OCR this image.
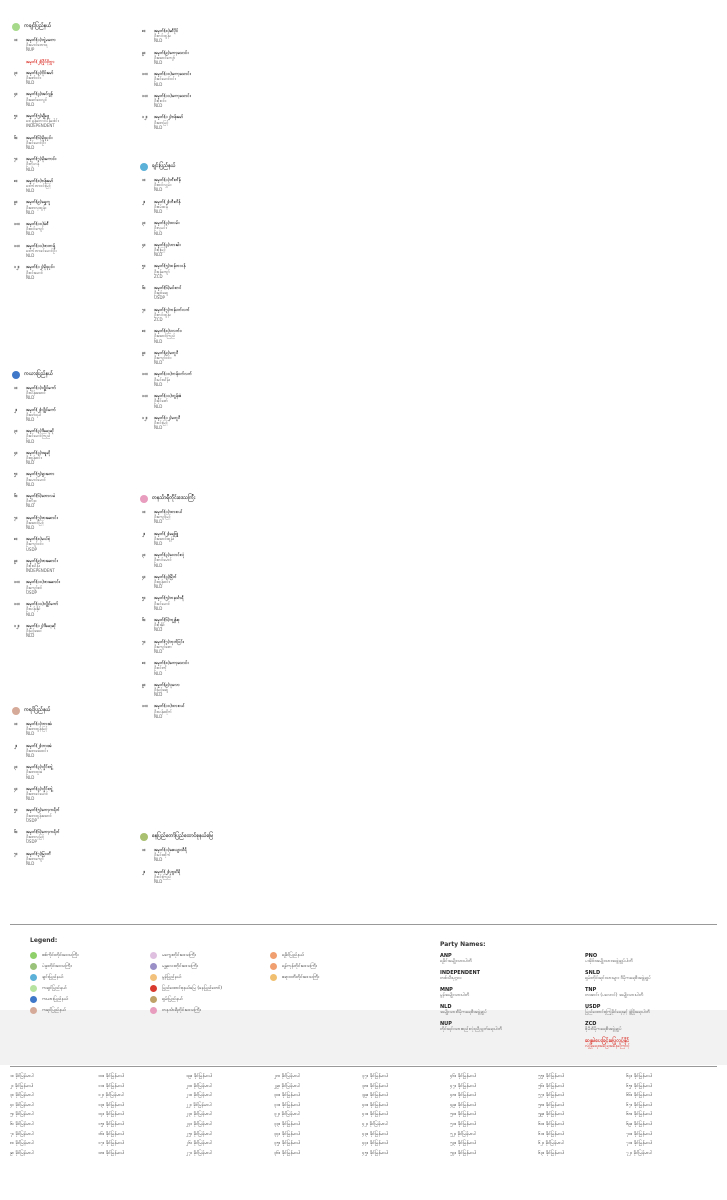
ကချင်ပြည်နယ်
၁။ အမှတ်(၁)တွဲမတော
ဦးမောင်တောရ
NUP
အမှတ်(၂)ပြိုင်ဖိုက္ကာ
၃။ အမှတ်(၃)ဝိုင်းမော်
ဦးဇော်ဝင်း
NLD
၄။ အမှတ်(၄)အင်ဂျန်
ဦးဆော်ဝေလွင်
NLD
၅။ အမှတ်(၅)ချီဖွေ
ဒေါ်ခွန်တောင်ပိန်ဒေါင်း
INDEPENDENT
၆။ အမှတ်(၆)မိုးညှင်း
ဦးခင်မောင်ဦး
NLD
၇။ အမှတ်(၇)မိုးကောင်း
ဦးဘိုဟန်
NLD
၈။ အမှတ်(၈)ဗန်းမော်
ဒေါက်တာဝင်းမြင့်
NLD
၉။ အမှတ်(၉)ရွှေကူ
ဦးစောလှထွန်း
NLD
၁၀။ အမှတ်(၁၀)မံစီ
ဦးထင်ကျော်
NLD
၁၁။ အမှတ်(၁၁)ဖားကန့်
ဒေါက်တာခင်မောင်ဦး
NLD
၁၂။ အမှတ်(၁၂)မိုးညှင်း
ဦးဝင်းမောင်
NLD
ကယားပြည်နယ်
၁။ အမှတ်(၁)လွိုင်ကော်
ဦးသိန်းအောင်
NLD
၂။ အမှတ်(၂)လွိုင်ကော်
ဦးဖော်ရယ်
NLD
၃။ အမှတ်(၃)ဒီမော့ဆို
ဦးခင်မောင်ကြည်
NLD
၄။ အမှတ်(၄)ဖရူဆို
ဦးထွန်းဝင်း
NLD
၅။ အမှတ်(၅)ရှားတော
ဦးမောင်မောင်
NLD
၆။ အမှတ်(၆)ဘောလခဲ
ဦးဘီဒူး
NLD
၇။ အမှတ်(၇)ဖားဆောင်း
ဦးအောင်မြင့်
NLD
၈။ အမှတ်(၈)မယ်စဲ့
ဦးကျော်ဝင်း
USDP
၉။ အမှတ်(၉)ဖားဆောင်း
ဦးစိုးသိန်း
INDEPENDENT
၁၀။ အမှတ်(၁၀)ဖားဆောင်း
ဦးကျော်ဇင်
USDP
၁၁။ အမှတ်(၁၁)လွိုင်ကော်
ဦးသန်းနိုင်
NLD
၁၂။ အမှတ်(၁၂)ဒီမော့ဆို
ဦးမြင့်အေး
NLD
ကရင်ပြည်နယ်
၁။ အမှတ်(၁)ဘားအံ
ဦးစောထွန်းမြင့်
NLD
၂။ အမှတ်(၂)ဘားအံ
ဦးစောအေးဝင်း
NLD
၃။ အမှတ်(၃)လှိုင်းဘွဲ့
ဦးစောထူးခဲ
NLD
၄။ အမှတ်(၄)လှိုင်းဘွဲ့
ဦးစောခင်မောင်
NLD
၅။ အမှတ်(၅)ကော့ကရိတ်
ဦးစောထွန်းအောင်
USDP
၆။ အမှတ်(၆)ကော့ကရိတ်
ဦးစောလှမြင့်
USDP
၇။ အမှတ်(၇)မြဝတီ
ဦးစောကျော်
NLD
၈။ အမှတ်(၈)ဆီပိုင်
ဦးတင်ထွန်း
NLD
၉။ အမှတ်(၉)ကော့သောင်း
ဦးအောင်ကျော်
NLD
၁၀။ အမှတ်(၁၀)ကော့သောင်း
ဦးခင်မောင်ဝင်း
NLD
၁၁။ အမှတ်(၁၁)ကော့သောင်း
ဦးစိုးဝင်း
NLD
၁၂။ အမှတ်(၁၂)ဗန်းမော်
ဦးစောမြင့်
NLD
ချင်းပြည်နယ်
၁။ အမှတ်(၁)တီးတိန်
ဦးထင်လျှမ်း
NLD
၂။ အမှတ်(၂)တီးတိန်
ဦးဇမ်ထန်
NLD
၃။ အမှတ်(၃)ဖလမ်း
ဦးလှမင်း
NLD
၄။ အမှတ်(၄)ဟားခါး
ဦးစိုးမြင့်
NLD
၅။ အမှတ်(၅)ထန်တလန်
ဦးဖုန်ကျော်
ZCD
၆။ အမှတ်(၆)မင်းတပ်
ဦးချစ်ဆွေ
USDP
၇။ အမှတ်(၇)ကန်ပက်လက်
ဦးတင်ထွန်း
ZCD
၈။ အမှတ်(၈)ပလက်ဝ
ဦးအောင်ကြည်
NLD
၉။ အမှတ်(၉)မတူပီ
ဦးကျော်ဝင်း
NLD
၁၀။ အမှတ်(၁၀)ကန်ပက်လက်
ဦးမင်းသိန်း
NLD
၁၁။ အမှတ်(၁၁)တွန်းဇံ
ဦးခိုင်ဇော်
NLD
၁၂။ အမှတ်(၁၂)မတူပီ
ဦးဝင်းမြင့်
NLD
တနင်္သာရီတိုင်းဒေသကြီး
၁။ အမှတ်(၁)ထားဝယ်
ဦးကျော်မြင့်
NLD
၂။ အမှတ်(၂)ရေဖြူ
ဦးအောင်ထွန်း
NLD
၃။ အမှတ်(၃)လောင်းလုံ
ဦးတင်မောင်
NLD
၄။ အမှတ်(၄)မြိတ်
ဦးထွန်းဝင်း
NLD
၅။ အမှတ်(၅)တနင်္သာရီ
ဦးခင်မောင်
NLD
၆။ အမှတ်(၆)ကျွန်းစု
ဦးစိုးနိုင်
NLD
၇။ အမှတ်(၇)ဘုတ်ပြင်း
ဦးကျော်ဇော
NLD
၈။ အမှတ်(၈)ကော့သောင်း
ဦးဝင်းကို
NLD
၉။ အမှတ်(၉)ပုလော
ဦးမြင့်ဆွေ
NLD
၁၀။ အမှတ်(၁၀)ထားဝယ်
ဦးသန်းထိုက်
NLD
နေပြည်တော်ပြည်ထောင်စုနယ်မြေ
၁။ အမှတ်(၁)ဇေယျာသီရိ
ဦးမင်းထိုက်
NLD
၂။ အမှတ်(၂)ပုဗ္ဗသီရိ
ဦးဝင်းကြည်
NLD
Legend:
စစ်ကိုင်းတိုင်းဒေသကြီး
ပဲခူးတိုင်းဒေသကြီး
ချင်းပြည်နယ်
ကချင်ပြည်နယ်
ကယားပြည်နယ်
ကရင်ပြည်နယ်
မကွေးတိုင်းဒေသကြီး
မန္တလေးတိုင်းဒေသကြီး
မွန်ပြည်နယ်
ပြည်ထောင်စုနယ်မြေ (နေပြည်တော်)
ရှမ်းပြည်နယ်
တနင်္သာရီတိုင်းဒေသကြီး
ရခိုင်ပြည်နယ်
ရန်ကုန်တိုင်းဒေသကြီး
ဧရာဝတီတိုင်းဒေသကြီး
Party Names:
ANP
ရခိုင်အမျိုးသားပါတီ
INDEPENDENT
တစ်သီးပုဂ္ဂလ
MNP
မွန်အမျိုးသားပါတီ
NLD
အမျိုးသားဒီမိုကရေစီအဖွဲ့ချုပ်
NUP
တိုင်းရင်းသားစည်းလုံးညီညွတ်ရေးပါတီ
PNO
ပအိုဝ်းအမျိုးသားအဖွဲ့ချုပ်ပါတီ
SNLD
ရှမ်းတိုင်းရင်းသားများ ဒီမိုကရေစီအဖွဲ့ချုပ်
TNP
တအာင်း (ပလောင်) အမျိုးသားပါတီ
USDP
ပြည်ထောင်စုကြံ့ခိုင်ရေးနှင့် ဖွံ့ဖြိုးရေးပါတီ
ZCD
ဇိုမီးဒီမိုကရေစီအဖွဲ့ချုပ်
ဆန္ဒမဲပေးခြင်းမပြုလုပ်နိုင်
လုံခြုံရေးအခြေအနေကြောင့်
၁။ ခိုင်မြန်မာပါ
၂။ ခိုင်မြန်မာပါ
၃။ ခိုင်မြန်မာပါ
၄။ ခိုင်မြန်မာပါ
၅။ ခိုင်မြန်မာပါ
၆။ ခိုင်မြန်မာပါ
၇။ ခိုင်မြန်မာပါ
၈။ ခိုင်မြန်မာပါ
၉။ ခိုင်မြန်မာပါ
၁၀။ ခိုင်မြန်မာပါ
၁၁။ ခိုင်မြန်မာပါ
၁၂။ ခိုင်မြန်မာပါ
၁၃။ ခိုင်မြန်မာပါ
၁၄။ ခိုင်မြန်မာပါ
၁၅။ ခိုင်မြန်မာပါ
၁၆။ ခိုင်မြန်မာပါ
၁၇။ ခိုင်မြန်မာပါ
၁၈။ ခိုင်မြန်မာပါ
၁၉။ ခိုင်မြန်မာပါ
၂၀။ ခိုင်မြန်မာပါ
၂၁။ ခိုင်မြန်မာပါ
၂၂။ ခိုင်မြန်မာပါ
၂၃။ ခိုင်မြန်မာပါ
၂၄။ ခိုင်မြန်မာပါ
၂၅။ ခိုင်မြန်မာပါ
၂၆။ ခိုင်မြန်မာပါ
၂၇။ ခိုင်မြန်မာပါ
၂၈။ ခိုင်မြန်မာပါ
၂၉။ ခိုင်မြန်မာပါ
၃၀။ ခိုင်မြန်မာပါ
၃၁။ ခိုင်မြန်မာပါ
၃၂။ ခိုင်မြန်မာပါ
၃၃။ ခိုင်မြန်မာပါ
၃၄။ ခိုင်မြန်မာပါ
၃၅။ ခိုင်မြန်မာပါ
၃၆။ ခိုင်မြန်မာပါ
၃၇။ ခိုင်မြန်မာပါ
၃၈။ ခိုင်မြန်မာပါ
၃၉။ ခိုင်မြန်မာပါ
၄၀။ ခိုင်မြန်မာပါ
၄၁။ ခိုင်မြန်မာပါ
၄၂။ ခိုင်မြန်မာပါ
၄၃။ ခိုင်မြန်မာပါ
၄၄။ ခိုင်မြန်မာပါ
၄၅။ ခိုင်မြန်မာပါ
၄၆။ ခိုင်မြန်မာပါ
၄၇။ ခိုင်မြန်မာပါ
၄၈။ ခိုင်မြန်မာပါ
၄၉။ ခိုင်မြန်မာပါ
၅၀။ ခိုင်မြန်မာပါ
၅၁။ ခိုင်မြန်မာပါ
၅၂။ ခိုင်မြန်မာပါ
၅၃။ ခိုင်မြန်မာပါ
၅၄။ ခိုင်မြန်မာပါ
၅၅။ ခိုင်မြန်မာပါ
၅၆။ ခိုင်မြန်မာပါ
၅၇။ ခိုင်မြန်မာပါ
၅၈။ ခိုင်မြန်မာပါ
၅၉။ ခိုင်မြန်မာပါ
၆၀။ ခိုင်မြန်မာပါ
၆၁။ ခိုင်မြန်မာပါ
၆၂။ ခိုင်မြန်မာပါ
၆၃။ ခိုင်မြန်မာပါ
၆၄။ ခိုင်မြန်မာပါ
၆၅။ ခိုင်မြန်မာပါ
၆၆။ ခိုင်မြန်မာပါ
၆၇။ ခိုင်မြန်မာပါ
၆၈။ ခိုင်မြန်မာပါ
၆၉။ ခိုင်မြန်မာပါ
၇၀။ ခိုင်မြန်မာပါ
၇၁။ ခိုင်မြန်မာပါ
၇၂။ ခိုင်မြန်မာပါ
